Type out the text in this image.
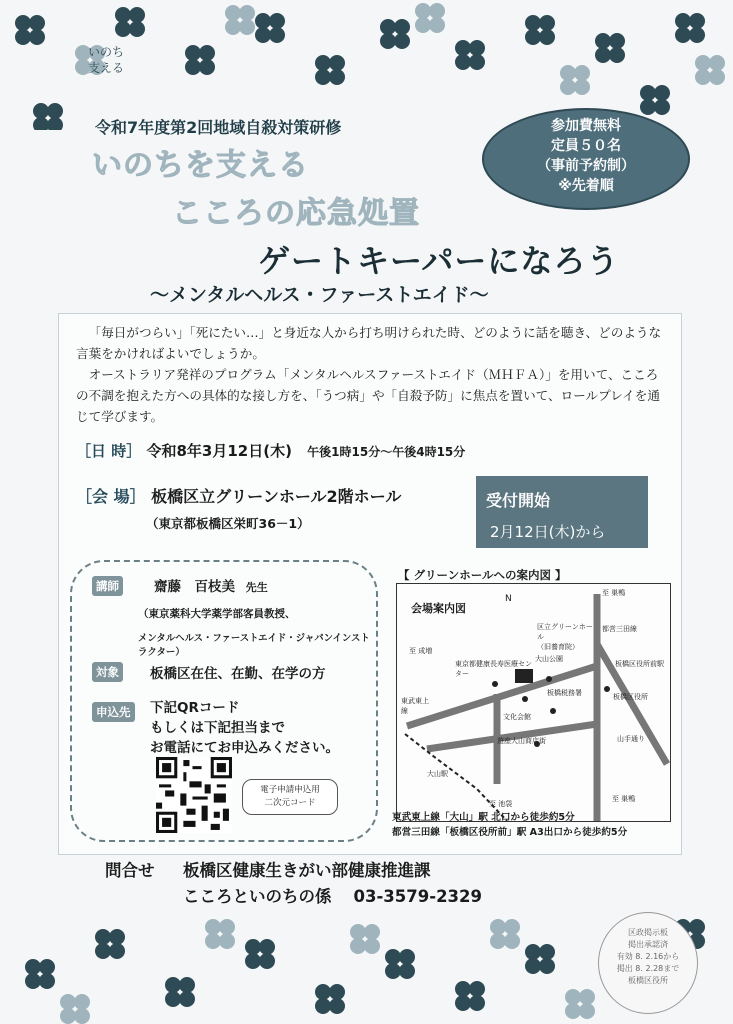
いのち
支える
令和7年度第2回地域自殺対策研修
いのちを支える
こころの応急処置
ゲートキーパーになろう
～メンタルヘルス・ファーストエイド～
参加費無料
定員５０名
（事前予約制）
※先着順

「毎日がつらい」「死にたい…」と身近な人から打ち明けられた時、どのように話を聴き、どのような言葉をかければよいでしょうか。

オーストラリア発祥のプログラム「メンタルヘルスファーストエイド（ＭＨＦＡ）」を用いて、こころの不調を抱えた方への具体的な接し方を、「うつ病」や「自殺予防」に焦点を置いて、ロールプレイを通じて学びます。

［日 時］ 令和8年3月12日(木) 午後1時15分～午後4時15分
［会 場］ 板橋区立グリーンホール2階ホール
（東京都板橋区栄町36－1）
受付開始
2月12日(木)から
講師	齋藤　百枝美 先生
（東京薬科大学薬学部客員教授、
メンタルヘルス・ファーストエイド・ジャパンインストラクター）
対象 板橋区在住、在勤、在学の方
申込先 下記QRコード
もしくは下記担当まで
お電話にてお申込みください。
電子申請申込用
二次元コード
【 グリーンホールへの案内図 】
会場案内図
N
至 巣鴨
至 成増
都営三田線
板橋区役所前駅
区立グリーンホール
（旧養育院）
東京都健康長寿医療センター
大山公園
板橋税務署
文化会館
遊座大山商店街
板橋区役所
山手通り
東武東上線
大山駅
至 池袋
至 巣鴨
東武東上線「大山」駅 北口から徒歩約5分
都営三田線「板橋区役所前」駅 A3出口から徒歩約5分
問合せ 板橋区健康生きがい部健康推進課
こころといのちの係 03-3579-2329
区政掲示板
掲出承認済
有効 8. 2.16から
掲出 8. 2.28まで
板橋区役所
